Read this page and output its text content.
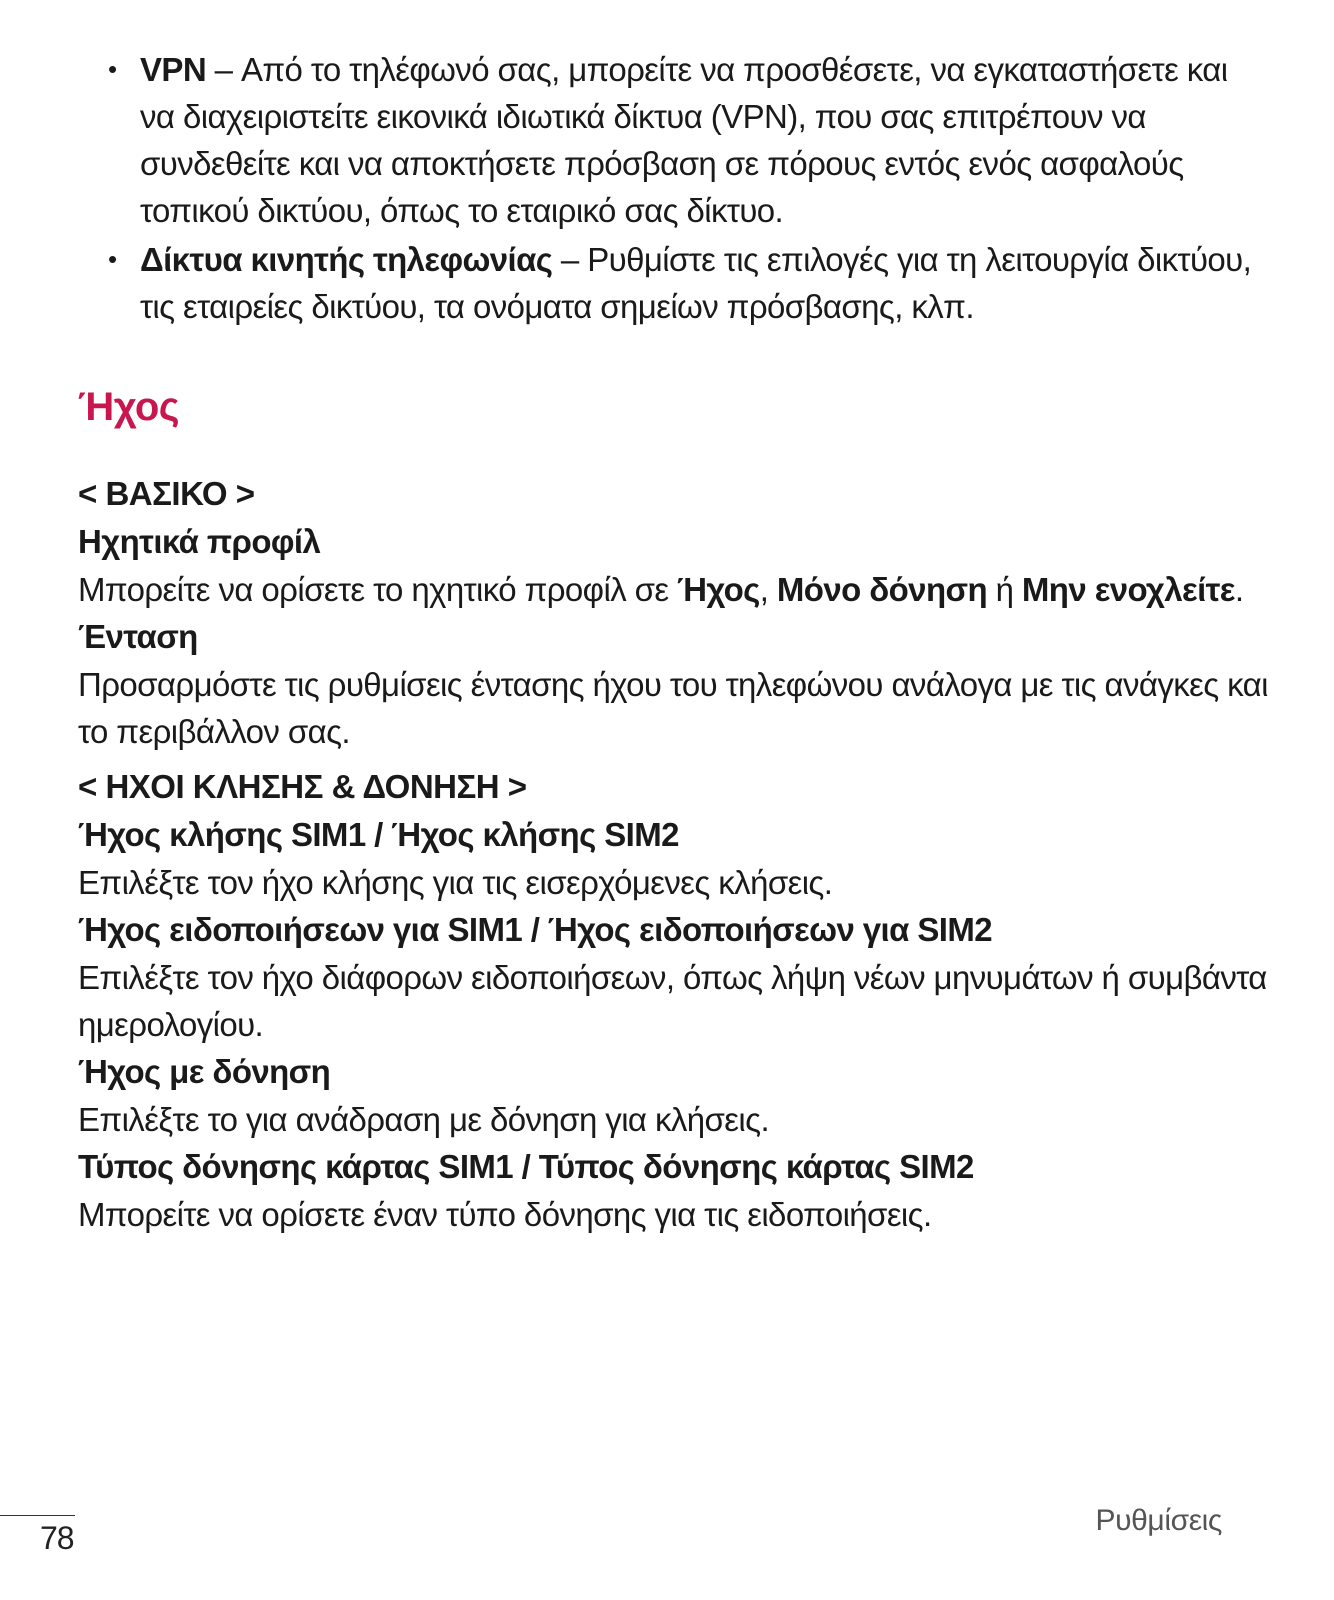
• VPN – Από το τηλέφωνό σας, μπορείτε να προσθέσετε, να εγκαταστήσετε και να διαχειριστείτε εικονικά ιδιωτικά δίκτυα (VPN), που σας επιτρέπουν να συνδεθείτε και να αποκτήσετε πρόσβαση σε πόρους εντός ενός ασφαλούς τοπικού δικτύου, όπως το εταιρικό σας δίκτυο.
• Δίκτυα κινητής τηλεφωνίας – Ρυθμίστε τις επιλογές για τη λειτουργία δικτύου, τις εταιρείες δικτύου, τα ονόματα σημείων πρόσβασης, κλπ.
Ήχος

< ΒΑΣΙΚΟ >

Ηχητικά προφίλ

Μπορείτε να ορίσετε το ηχητικό προφίλ σε Ήχος, Μόνο δόνηση ή Μην ενοχλείτε.

Ένταση

Προσαρμόστε τις ρυθμίσεις έντασης ήχου του τηλεφώνου ανάλογα με τις ανάγκες και το περιβάλλον σας.

< ΗΧΟΙ ΚΛΗΣΗΣ & ΔΟΝΗΣΗ >

Ήχος κλήσης SIM1 / Ήχος κλήσης SIM2

Επιλέξτε τον ήχο κλήσης για τις εισερχόμενες κλήσεις.

Ήχος ειδοποιήσεων για SIM1 / Ήχος ειδοποιήσεων για SIM2

Επιλέξτε τον ήχο διάφορων ειδοποιήσεων, όπως λήψη νέων μηνυμάτων ή συμβάντα ημερολογίου.

Ήχος με δόνηση

Επιλέξτε το για ανάδραση με δόνηση για κλήσεις.

Τύπος δόνησης κάρτας SIM1 / Τύπος δόνησης κάρτας SIM2

Μπορείτε να ορίσετε έναν τύπο δόνησης για τις ειδοποιήσεις.

78	Ρυθμίσεις
